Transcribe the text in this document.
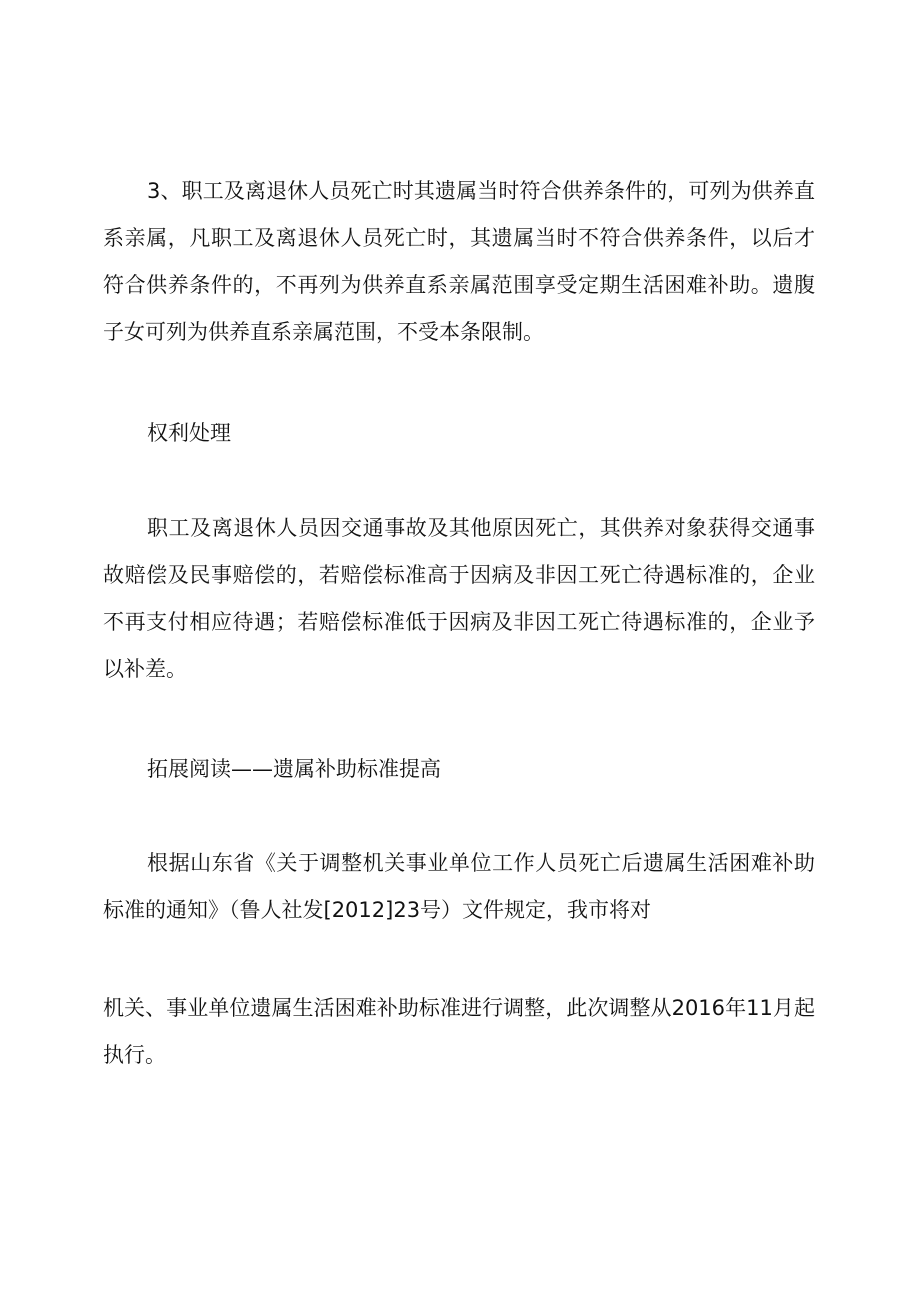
3、职工及离退休人员死亡时其遗属当时符合供养条件的，可列为供养直系亲属，凡职工及离退休人员死亡时，其遗属当时不符合供养条件，以后才符合供养条件的，不再列为供养直系亲属范围享受定期生活困难补助。遗腹子女可列为供养直系亲属范围，不受本条限制。

权利处理

职工及离退休人员因交通事故及其他原因死亡，其供养对象获得交通事故赔偿及民事赔偿的，若赔偿标准高于因病及非因工死亡待遇标准的，企业不再支付相应待遇；若赔偿标准低于因病及非因工死亡待遇标准的，企业予以补差。

拓展阅读——遗属补助标准提高

根据山东省《关于调整机关事业单位工作人员死亡后遗属生活困难补助标准的通知》（鲁人社发[2012]23号）文件规定，我市将对

机关、事业单位遗属生活困难补助标准进行调整，此次调整从2016年11月起执行。
